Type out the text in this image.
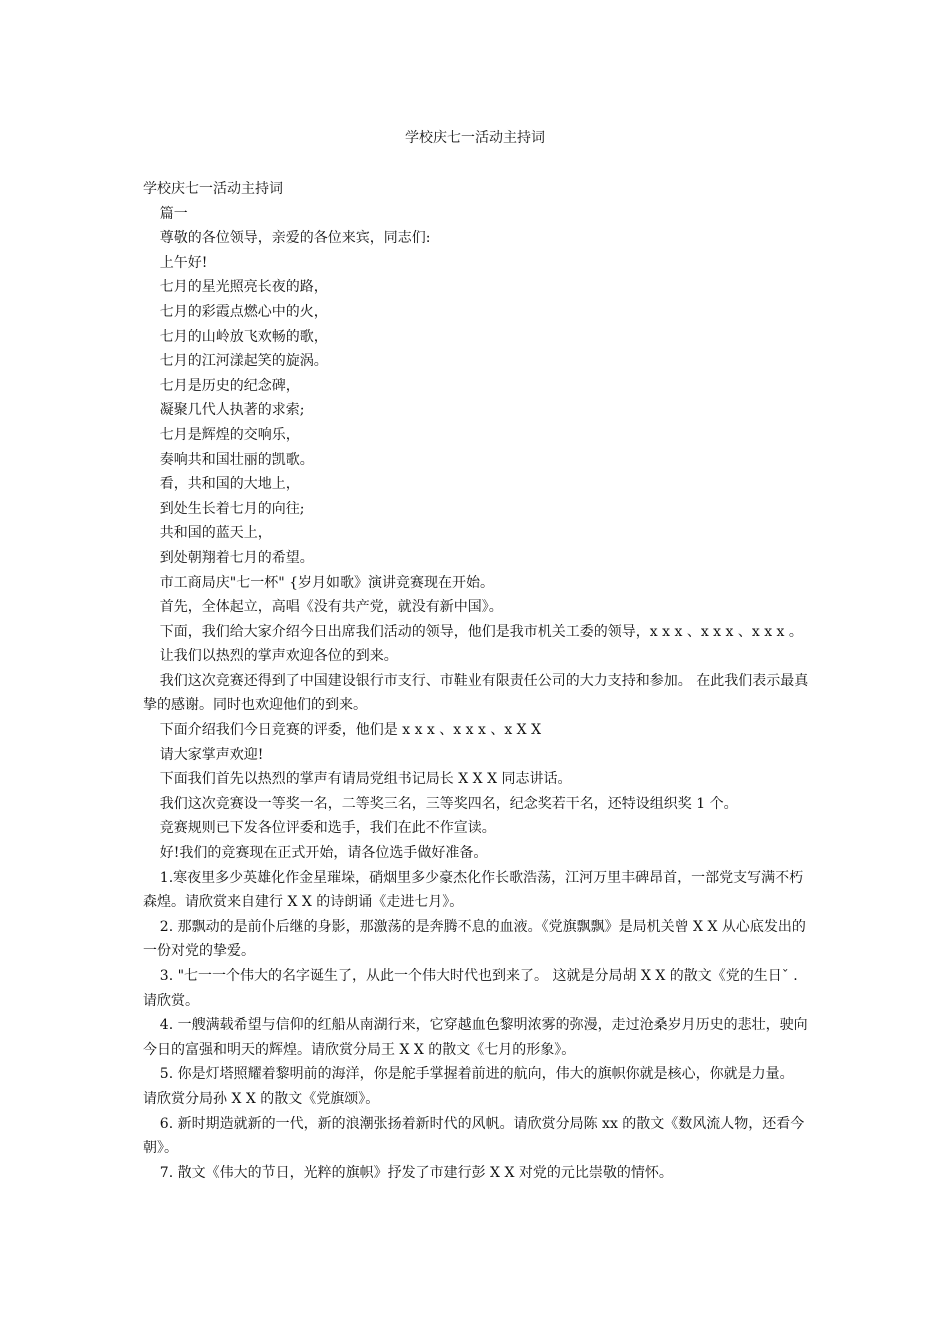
学校庆七一活动主持词
学校庆七一活动主持词

篇一

尊敬的各位领导，亲爱的各位来宾，同志们:

上午好!

七月的星光照亮长夜的路，

七月的彩霞点燃心中的火，

七月的山岭放飞欢畅的歌，

七月的江河漾起笑的旋涡。

七月是历史的纪念碑，

凝聚几代人执著的求索;

七月是辉煌的交响乐，

奏响共和国壮丽的凯歌。

看，共和国的大地上，

到处生长着七月的向往;

共和国的蓝天上，

到处朝翔着七月的希望。

市工商局庆"七一杯" {岁月如歌》演讲竞赛现在开始。

首先，全体起立，高唱《没有共产党，就没有新中国》。

下面，我们给大家介绍今日出席我们活动的领导，他们是我市机关工委的领导，x x x 、x x x 、x x x 。

让我们以热烈的掌声欢迎各位的到来。

我们这次竞赛还得到了中国建设银行市支行、市鞋业有限责任公司的大力支持和参加。 在此我们表示最真挚的感谢。同时也欢迎他们的到来。

下面介绍我们今日竞赛的评委，他们是 x x x 、x x x 、x X X

请大家掌声欢迎!

下面我们首先以热烈的掌声有请局党组书记局长 X X X 同志讲话。

我们这次竞赛设一等奖一名，二等奖三名，三等奖四名，纪念奖若干名，还特设组织奖 1 个。

竞赛规则已下发各位评委和选手，我们在此不作宣读。

好!我们的竞赛现在正式开始，请各位选手做好准备。

1.寒夜里多少英雄化作金星璀垛，硝烟里多少豪杰化作长歌浩荡，江河万里丰碑昂首，一部党支写满不朽森煌。请欣赏来自建行 X X 的诗朗诵《走进七月》。

2. 那飘动的是前仆后继的身影，那激荡的是奔腾不息的血液。《党旗飘飘》是局机关曾 X X 从心底发出的一份对党的挚爱。

3. "七一一个伟大的名字诞生了，从此一个伟大时代也到来了。 这就是分局胡 X X 的散文《党的生日ˇ .请欣赏。

4. 一艘满载希望与信仰的红船从南湖行来，它穿越血色黎明浓雾的弥漫，走过沧桑岁月历史的悲壮，驶向今日的富强和明天的辉煌。请欣赏分局王 X X 的散文《七月的形象》。

5. 你是灯塔照耀着黎明前的海洋，你是舵手掌握着前进的航向，伟大的旗帜你就是核心，你就是力量。 请欣赏分局孙 X X 的散文《党旗颂》。

6. 新时期造就新的一代，新的浪潮张扬着新时代的风帆。请欣赏分局陈 xx 的散文《数风流人物，还看今朝》。

7. 散文《伟大的节日，光粹的旗帜》抒发了市建行彭 X X 对党的元比崇敬的情怀。
